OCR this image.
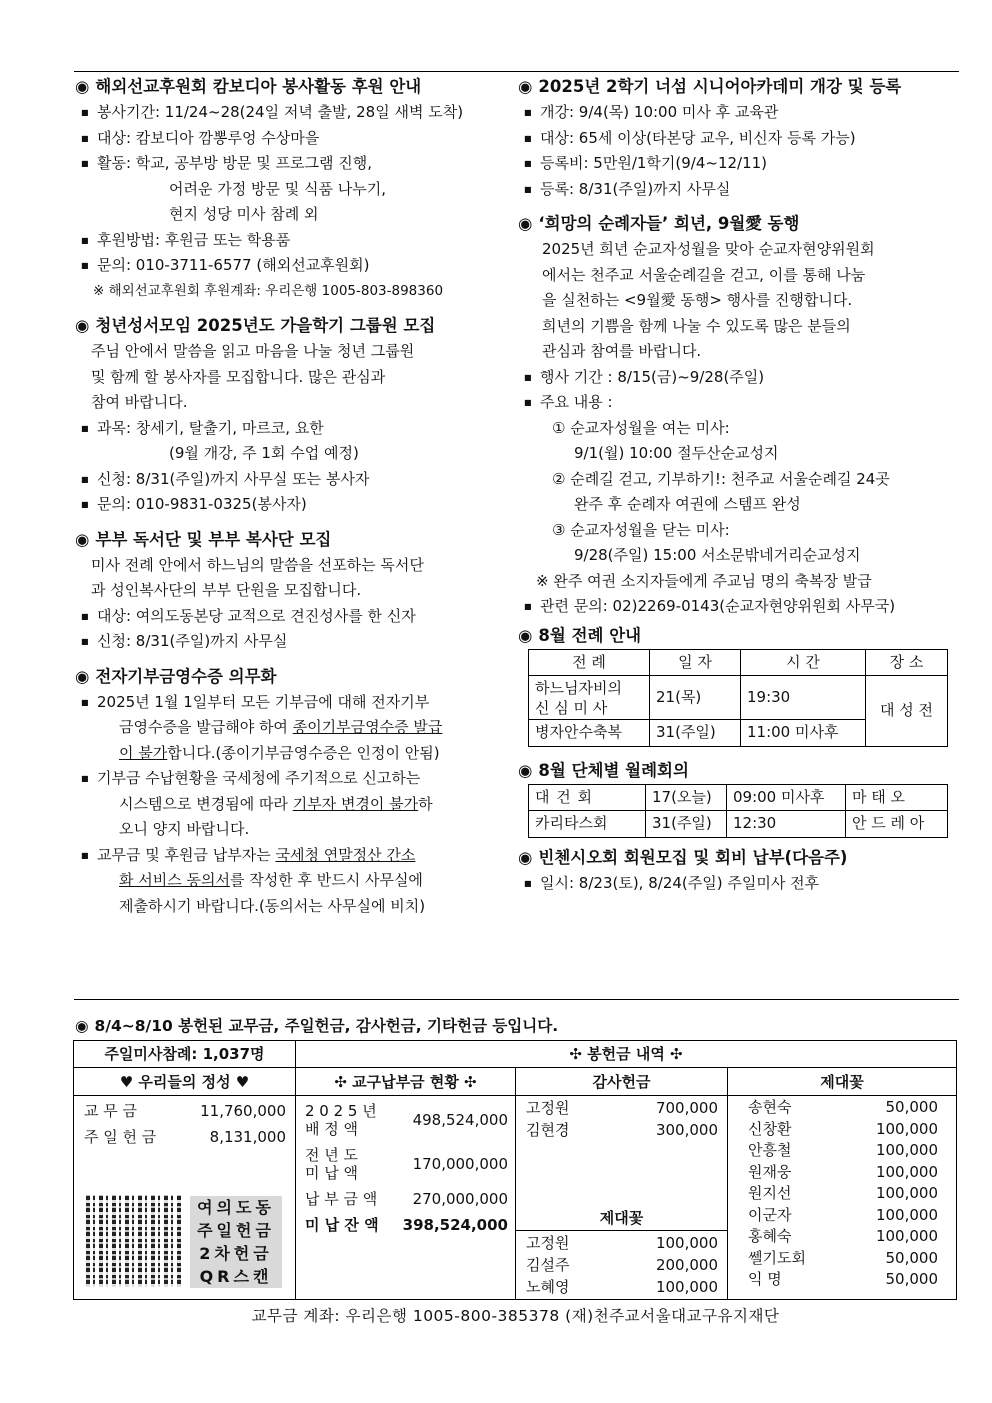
◉ 해외선교후원회 캄보디아 봉사활동 후원 안내
■ 봉사기간: 11/24~28(24일 저녁 출발, 28일 새벽 도착)
■ 대상: 캄보디아 깜뽕루엉 수상마을
■ 활동: 학교, 공부방 방문 및 프로그램 진행,
어려운 가정 방문 및 식품 나누기,
현지 성당 미사 참례 외
■ 후원방법: 후원금 또는 학용품
■ 문의: 010-3711-6577 (해외선교후원회)
※ 해외선교후원회 후원계좌: 우리은행 1005-803-898360
◉ 청년성서모임 2025년도 가을학기 그룹원 모집
주님 안에서 말씀을 읽고 마음을 나눌 청년 그룹원
및 함께 할 봉사자를 모집합니다. 많은 관심과
참여 바랍니다.
■ 과목: 창세기, 탈출기, 마르코, 요한
(9월 개강, 주 1회 수업 예정)
■ 신청: 8/31(주일)까지 사무실 또는 봉사자
■ 문의: 010-9831-0325(봉사자)
◉ 부부 독서단 및 부부 복사단 모집
미사 전례 안에서 하느님의 말씀을 선포하는 독서단
과 성인복사단의 부부 단원을 모집합니다.
■ 대상: 여의도동본당 교적으로 견진성사를 한 신자
■ 신청: 8/31(주일)까지 사무실
◉ 전자기부금영수증 의무화
■ 2025년 1월 1일부터 모든 기부금에 대해 전자기부
금영수증을 발급해야 하여 종이기부금영수증 발급
이 불가합니다.(종이기부금영수증은 인정이 안됨)
■ 기부금 수납현황을 국세청에 주기적으로 신고하는
시스템으로 변경됨에 따라 기부자 변경이 불가하
오니 양지 바랍니다.
■ 교무금 및 후원금 납부자는 국세청 연말정산 간소
화 서비스 동의서를 작성한 후 반드시 사무실에
제출하시기 바랍니다.(동의서는 사무실에 비치)
◉ 2025년 2학기 너섬 시니어아카데미 개강 및 등록
■ 개강: 9/4(목) 10:00 미사 후 교육관
■ 대상: 65세 이상(타본당 교우, 비신자 등록 가능)
■ 등록비: 5만원/1학기(9/4~12/11)
■ 등록: 8/31(주일)까지 사무실
◉ ‘희망의 순례자들’ 희년, 9월愛 동행
2025년 희년 순교자성월을 맞아 순교자현양위원회
에서는 천주교 서울순례길을 걷고, 이를 통해 나눔
을 실천하는 <9월愛 동행> 행사를 진행합니다.
희년의 기쁨을 함께 나눌 수 있도록 많은 분들의
관심과 참여를 바랍니다.
■ 행사 기간 : 8/15(금)~9/28(주일)
■ 주요 내용 :
① 순교자성월을 여는 미사:
9/1(월) 10:00 절두산순교성지
② 순례길 걷고, 기부하기!: 천주교 서울순례길 24곳
완주 후 순례자 여권에 스템프 완성
③ 순교자성월을 닫는 미사:
9/28(주일) 15:00 서소문밖네거리순교성지
※ 완주 여권 소지자들에게 주교님 명의 축복장 발급
■ 관련 문의: 02)2269-0143(순교자현양위원회 사무국)
◉ 8월 전례 안내
전 례	일 자	시 간	장 소

하느님자비의
신 심 미 사	21(목)	19:30	대 성 전
병자안수축복	31(주일)	11:00 미사후	
◉ 8월 단체별 월례회의
대 건 회	17(오늘)	09:00 미사후	마 태 오
카리타스회	31(주일)	12:30	안 드 레 아
◉ 빈첸시오회 회원모집 및 회비 납부(다음주)
■ 일시: 8/23(토), 8/24(주일) 주일미사 전후
◉ 8/4~8/10 봉헌된 교무금, 주일헌금, 감사헌금, 기타헌금 등입니다.
주일미사참례: 1,037명	✣ 봉헌금 내역 ✣
♥ 우리들의 정성 ♥
교 무 금	11,760,000
주 일 헌 금	8,131,000
여의도동
주일헌금
2차헌금
QR스캔
✣ 교구납부금 현황 ✣
2 0 2 5 년
배 정 액	498,524,000
전 년 도
미 납 액	170,000,000
납 부 금 액	270,000,000
미 납 잔 액	398,524,000
감사헌금
고정원	700,000
김현경	300,000
제대꽃
고정원	100,000
김설주	200,000
노혜영	100,000
제대꽃
송현숙	50,000
신창환	100,000
안흥철	100,000
원재웅	100,000
원지선	100,000
이군자	100,000
홍혜숙	100,000
쎌기도회	50,000
익 명	50,000
교무금 계좌: 우리은행 1005-800-385378 (재)천주교서울대교구유지재단
